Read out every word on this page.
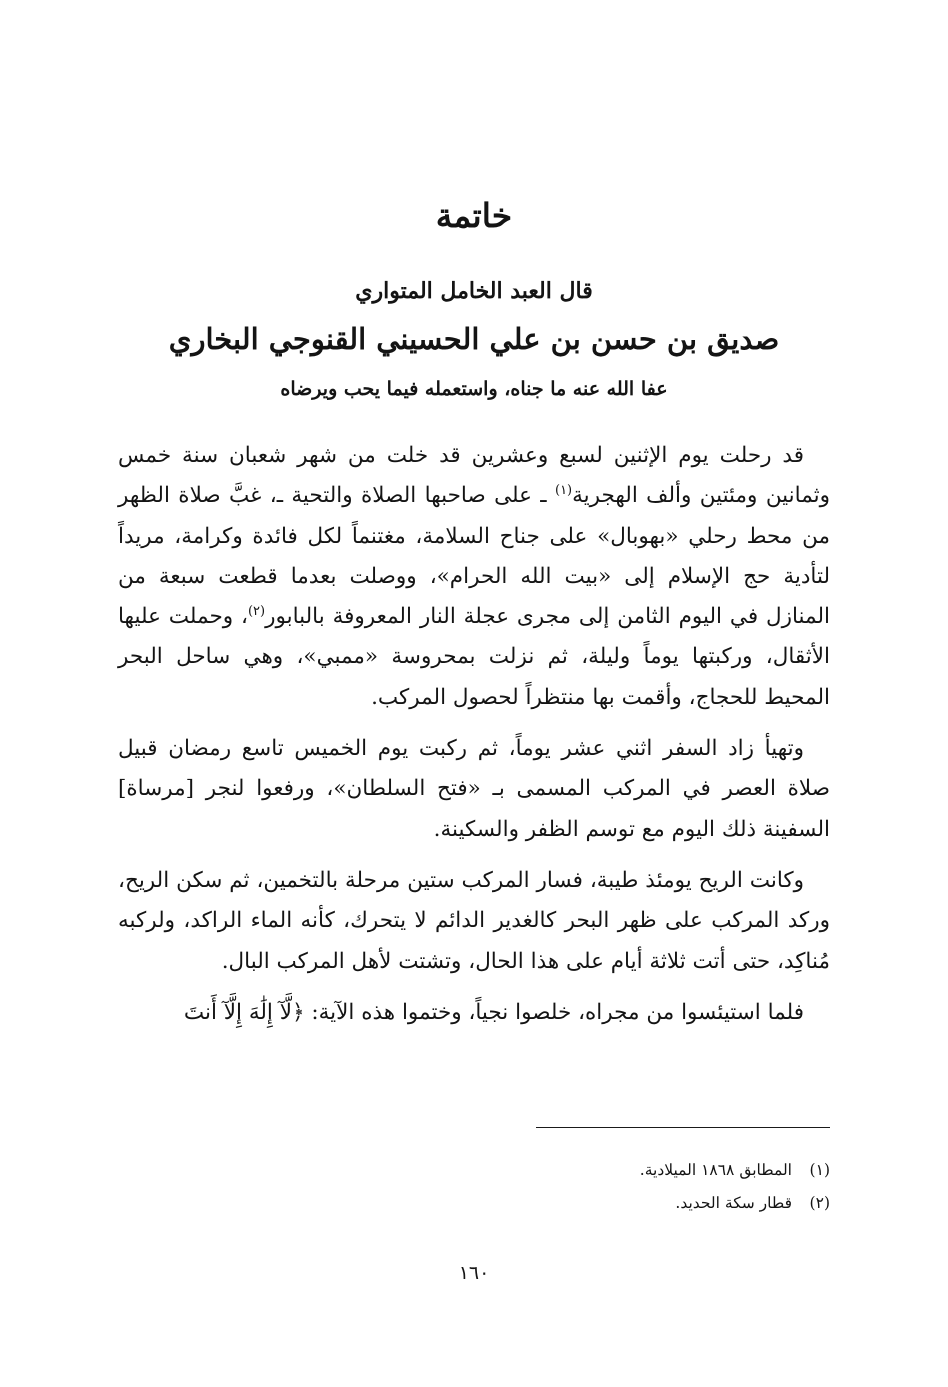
خاتمة
قال العبد الخامل المتواري
صديق بن حسن بن علي الحسيني القنوجي البخاري
عفا الله عنه ما جناه، واستعمله فيما يحب ويرضاه

قد رحلت يوم الإثنين لسبع وعشرين قد خلت من شهر شعبان سنة خمس وثمانين ومئتين وألف الهجرية$^{(١)}$ ـ على صاحبها الصلاة والتحية ـ، غبَّ صلاة الظهر من محط رحلي «بهوبال» على جناح السلامة، مغتنماً لكل فائدة وكرامة، مريداً لتأدية حج الإسلام إلى «بيت الله الحرام»، ووصلت بعدما قطعت سبعة من المنازل في اليوم الثامن إلى مجرى عجلة النار المعروفة بالبابور$^{(٢)}$، وحملت عليها الأثقال، وركبتها يوماً وليلة، ثم نزلت بمحروسة «ممبي»، وهي ساحل البحر المحيط للحجاج، وأقمت بها منتظراً لحصول المركب.

وتهيأ زاد السفر اثني عشر يوماً، ثم ركبت يوم الخميس تاسع رمضان قبيل صلاة العصر في المركب المسمى بـ «فتح السلطان»، ورفعوا لنجر [مرساة] السفينة ذلك اليوم مع توسم الظفر والسكينة.

وكانت الريح يومئذ طيبة، فسار المركب ستين مرحلة بالتخمين، ثم سكن الريح، وركد المركب على ظهر البحر كالغدير الدائم لا يتحرك، كأنه الماء الراكد، ولركبه مُناكِد، حتى أتت ثلاثة أيام على هذا الحال، وتشتت لأهل المركب البال.

فلما استيئسوا من مجراه، خلصوا نجياً، وختموا هذه الآية: ﴿لَّآ إِلَٰهَ إِلَّآ أَنتَ

(١)
المطابق ١٨٦٨ الميلادية.
(٢)
قطار سكة الحديد.
١٦٠
